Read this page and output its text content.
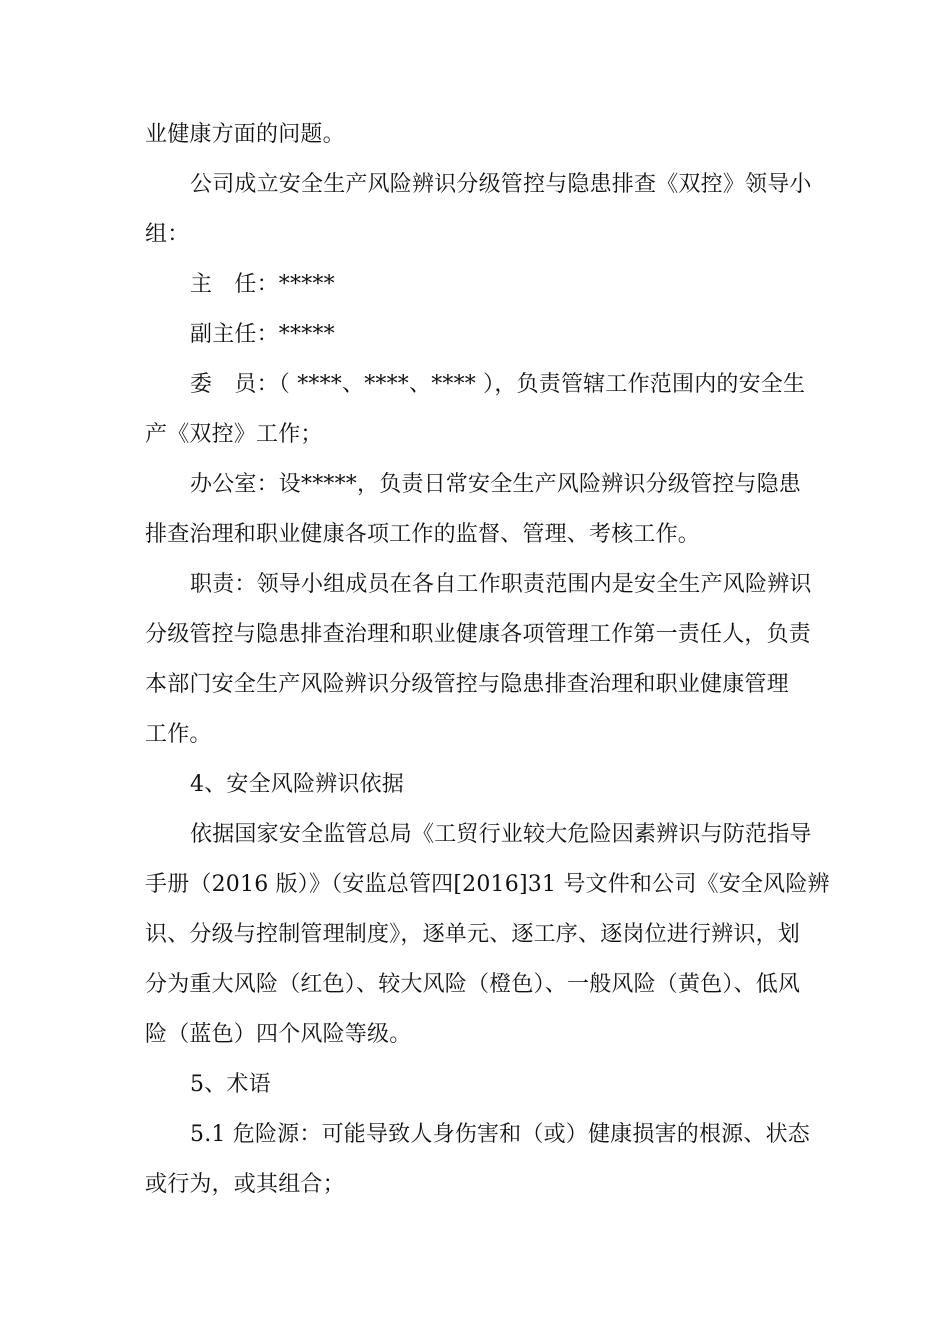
业健康方面的问题。

公司成立安全生产风险辨识分级管控与隐患排查《双控》领导小
组：

主　任：*****

副主任：*****

委　员：（ ****、****、**** ），负责管辖工作范围内的安全生
产《双控》工作；

办公室：设*****，负责日常安全生产风险辨识分级管控与隐患
排查治理和职业健康各项工作的监督、管理、考核工作。

职责：领导小组成员在各自工作职责范围内是安全生产风险辨识
分级管控与隐患排查治理和职业健康各项管理工作第一责任人，负责
本部门安全生产风险辨识分级管控与隐患排查治理和职业健康管理
工作。

4、安全风险辨识依据

依据国家安全监管总局《工贸行业较大危险因素辨识与防范指导
手册（2016 版）》（安监总管四[2016]31 号文件和公司《安全风险辨
识、分级与控制管理制度》，逐单元、逐工序、逐岗位进行辨识，划
分为重大风险（红色）、较大风险（橙色）、一般风险（黄色）、低风
险（蓝色）四个风险等级。

5、术语

5.1 危险源：可能导致人身伤害和（或）健康损害的根源、状态
或行为，或其组合；
